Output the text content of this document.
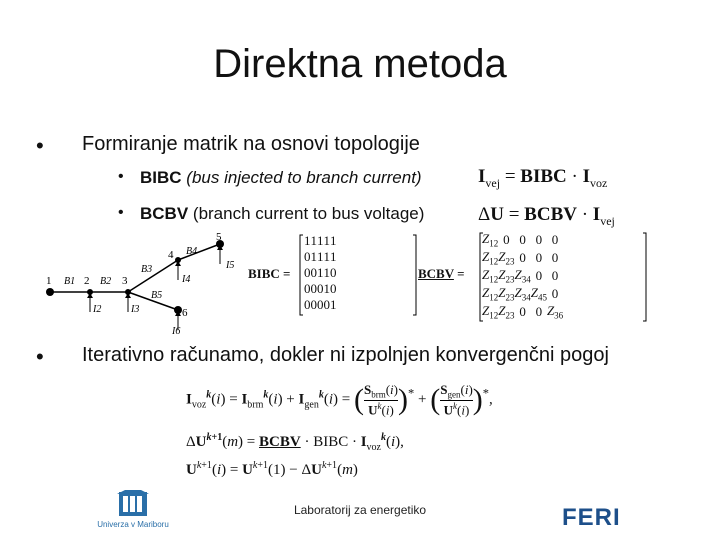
Direktna metoda
• Formiranje matrik na osnovi topologije
• BIBC (bus injected to branch current)
• BCBV (branch current to bus voltage)
$I_{vej}$ = BIBC · $I_{voz}$
ΔU = BCBV · $I_{vej}$
1	2	3
4
5
6
B1 B2
B3
B4
B5
I2	I3
I4
I5
I6
BIBC =
1	1	1	1	1
0	1	1	1	1
0	0	1	1	0
0	0	0	1	0
0	0	0	0	1
BCBV =
$Z_{12}$	0	0	0	0
$Z_{12}$	$Z_{23}$	0	0	0
$Z_{12}$	$Z_{23}$	$Z_{34}$	0	0
$Z_{12}$	$Z_{23}$	$Z_{34}$	$Z_{45}$	0
$Z_{12}$	$Z_{23}$	0	0	$Z_{36}$
• Iterativno računamo, dokler ni izpolnjen konvergenčni pogoj
$I_{voz}^k(i) = I_{brm}^k(i) + I_{gen}^k(i)$ = ( $S_{brm}(i)$
$U^k(i) )^*$ + ( $S_{gen}(i)$
$U^k(i)$ )*,
$\Delta U^{k+1}(m)$ = BCBV · BIBC · $I_{voz}^k(i)$,
$U^{k+1}(i) = U^{k+1}(1) - \Delta U^{k+1}(m)$
Laboratorij za energetiko
Univerza v Mariboru	FERI
